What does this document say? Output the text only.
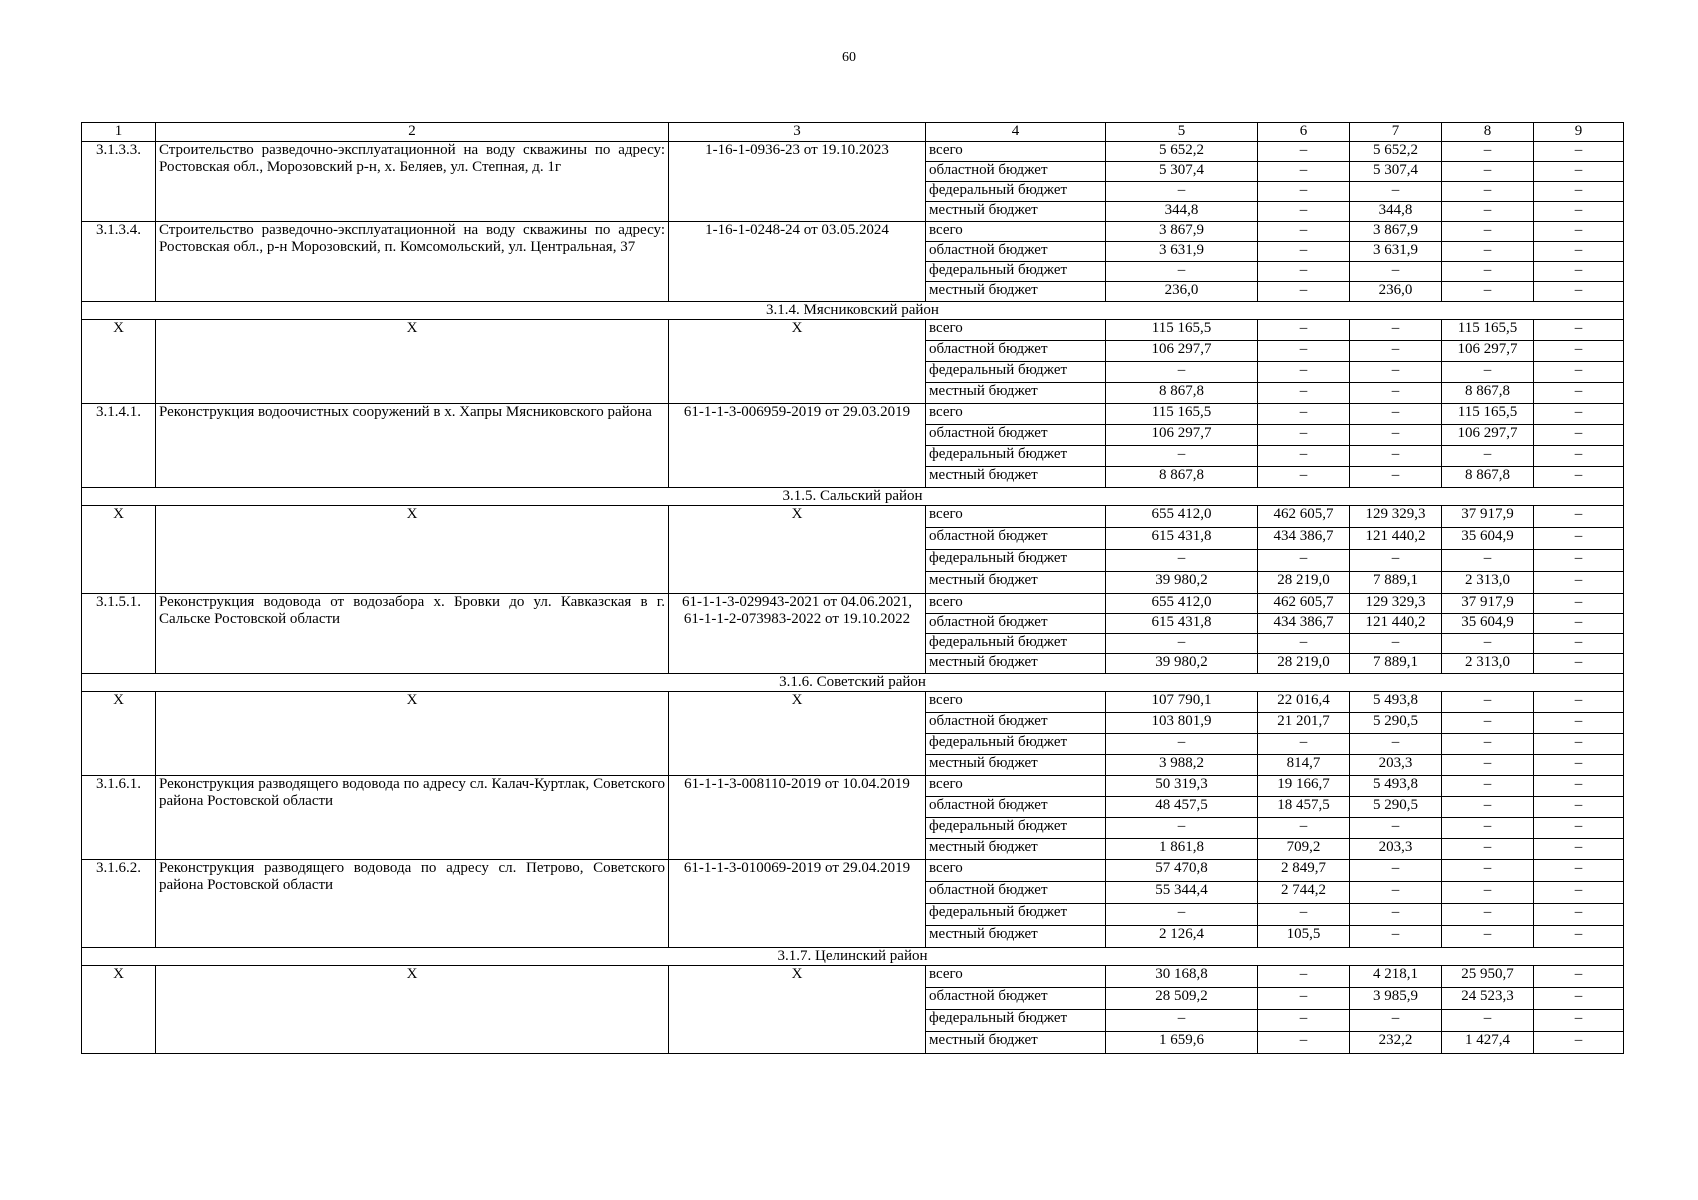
60
1	2	3	4	5	6	7	8	9
3.1.3.3.	Строительство разведочно-эксплуатационной на воду скважины по адресу: Ростовская обл., Морозовский р-н, х. Беляев, ул. Степная, д. 1г	1-16-1-0936-23 от 19.10.2023	всего	5 652,2	–	5 652,2	–	–
			областной бюджет	5 307,4	–	5 307,4	–	–
			федеральный бюджет	–	–	–	–	–
			местный бюджет	344,8	–	344,8	–	–
3.1.3.4.	Строительство разведочно-эксплуатационной на воду скважины по адресу: Ростовская обл., р-н Морозовский, п. Комсомольский, ул. Центральная, 37	1-16-1-0248-24 от 03.05.2024	всего	3 867,9	–	3 867,9	–	–
			областной бюджет	3 631,9	–	3 631,9	–	–
			федеральный бюджет	–	–	–	–	–
			местный бюджет	236,0	–	236,0	–	–
3.1.4. Мясниковский район								
Х	Х	Х	всего	115 165,5	–	–	115 165,5	–
			областной бюджет	106 297,7	–	–	106 297,7	–
			федеральный бюджет	–	–	–	–	–
			местный бюджет	8 867,8	–	–	8 867,8	–
3.1.4.1.	Реконструкция водоочистных сооружений в х. Хапры Мясниковского района	61-1-1-3-006959-2019 от 29.03.2019	всего	115 165,5	–	–	115 165,5	–
			областной бюджет	106 297,7	–	–	106 297,7	–
			федеральный бюджет	–	–	–	–	–
			местный бюджет	8 867,8	–	–	8 867,8	–
3.1.5. Сальский район								
Х	Х	Х	всего	655 412,0	462 605,7	129 329,3	37 917,9	–
			областной бюджет	615 431,8	434 386,7	121 440,2	35 604,9	–
			федеральный бюджет	–	–	–	–	–
			местный бюджет	39 980,2	28 219,0	7 889,1	2 313,0	–
3.1.5.1.	Реконструкция водовода от водозабора х. Бровки до ул. Кавказская в г. Сальске Ростовской области	61-1-1-3-029943-2021 от 04.06.2021, 61-1-1-2-073983-2022 от 19.10.2022	всего	655 412,0	462 605,7	129 329,3	37 917,9	–
			областной бюджет	615 431,8	434 386,7	121 440,2	35 604,9	–
			федеральный бюджет	–	–	–	–	–
			местный бюджет	39 980,2	28 219,0	7 889,1	2 313,0	–
3.1.6. Советский район								
Х	Х	Х	всего	107 790,1	22 016,4	5 493,8	–	–
			областной бюджет	103 801,9	21 201,7	5 290,5	–	–
			федеральный бюджет	–	–	–	–	–
			местный бюджет	3 988,2	814,7	203,3	–	–
3.1.6.1.	Реконструкция разводящего водовода по адресу сл. Калач-Куртлак, Советского района Ростовской области	61-1-1-3-008110-2019 от 10.04.2019	всего	50 319,3	19 166,7	5 493,8	–	–
			областной бюджет	48 457,5	18 457,5	5 290,5	–	–
			федеральный бюджет	–	–	–	–	–
			местный бюджет	1 861,8	709,2	203,3	–	–
3.1.6.2.	Реконструкция разводящего водовода по адресу сл. Петрово, Советского района Ростовской области	61-1-1-3-010069-2019 от 29.04.2019	всего	57 470,8	2 849,7	–	–	–
			областной бюджет	55 344,4	2 744,2	–	–	–
			федеральный бюджет	–	–	–	–	–
			местный бюджет	2 126,4	105,5	–	–	–
3.1.7. Целинский район								
Х	Х	Х	всего	30 168,8	–	4 218,1	25 950,7	–
			областной бюджет	28 509,2	–	3 985,9	24 523,3	–
			федеральный бюджет	–	–	–	–	–
			местный бюджет	1 659,6	–	232,2	1 427,4	–
